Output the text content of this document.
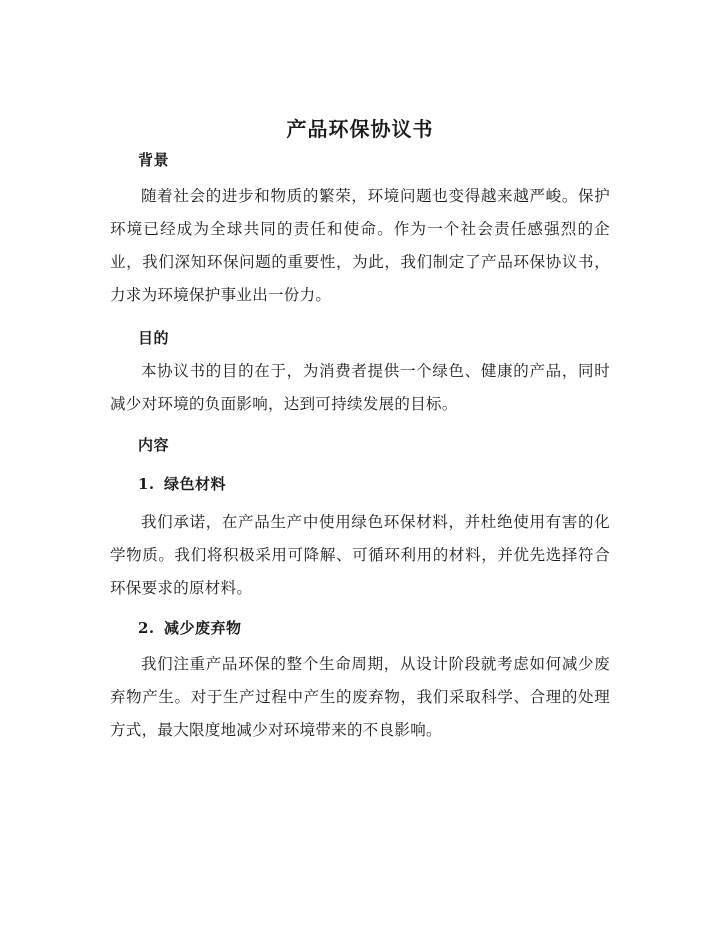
产品环保协议书
背景
随着社会的进步和物质的繁荣，环境问题也变得越来越严峻。保护环境已经成为全球共同的责任和使命。作为一个社会责任感强烈的企业，我们深知环保问题的重要性，为此，我们制定了产品环保协议书，力求为环境保护事业出一份力。
目的
本协议书的目的在于，为消费者提供一个绿色、健康的产品，同时减少对环境的负面影响，达到可持续发展的目标。
内容
1. 绿色材料
我们承诺，在产品生产中使用绿色环保材料，并杜绝使用有害的化学物质。我们将积极采用可降解、可循环利用的材料，并优先选择符合环保要求的原材料。
2. 减少废弃物
我们注重产品环保的整个生命周期，从设计阶段就考虑如何减少废弃物产生。对于生产过程中产生的废弃物，我们采取科学、合理的处理方式，最大限度地减少对环境带来的不良影响。
